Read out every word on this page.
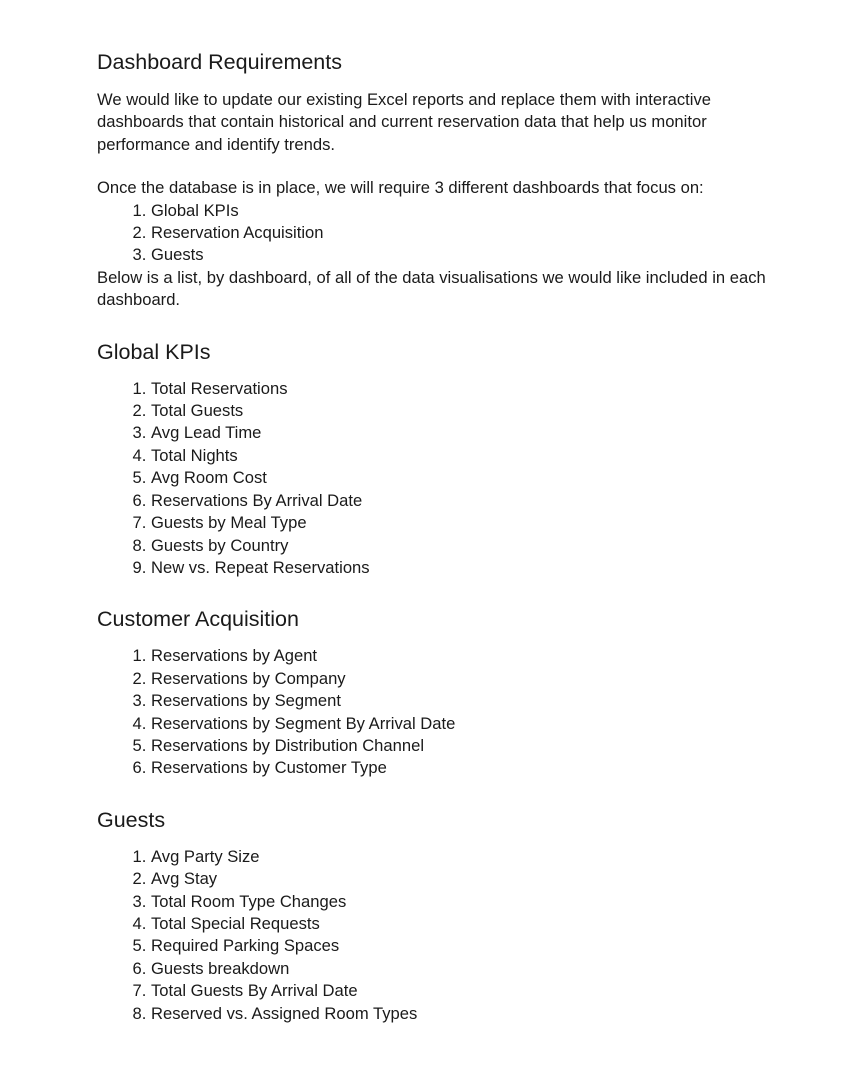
Dashboard Requirements

We would like to update our existing Excel reports and replace them with interactive dashboards that contain historical and current reservation data that help us monitor performance and identify trends.

Once the database is in place, we will require 3 different dashboards that focus on:

1. Global KPIs
2. Reservation Acquisition
3. Guests

Below is a list, by dashboard, of all of the data visualisations we would like included in each dashboard.

Global KPIs
1. Total Reservations
2. Total Guests
3. Avg Lead Time
4. Total Nights
5. Avg Room Cost
6. Reservations By Arrival Date
7. Guests by Meal Type
8. Guests by Country
9. New vs. Repeat Reservations
Customer Acquisition
1. Reservations by Agent
2. Reservations by Company
3. Reservations by Segment
4. Reservations by Segment By Arrival Date
5. Reservations by Distribution Channel
6. Reservations by Customer Type
Guests
1. Avg Party Size
2. Avg Stay
3. Total Room Type Changes
4. Total Special Requests
5. Required Parking Spaces
6. Guests breakdown
7. Total Guests By Arrival Date
8. Reserved vs. Assigned Room Types
